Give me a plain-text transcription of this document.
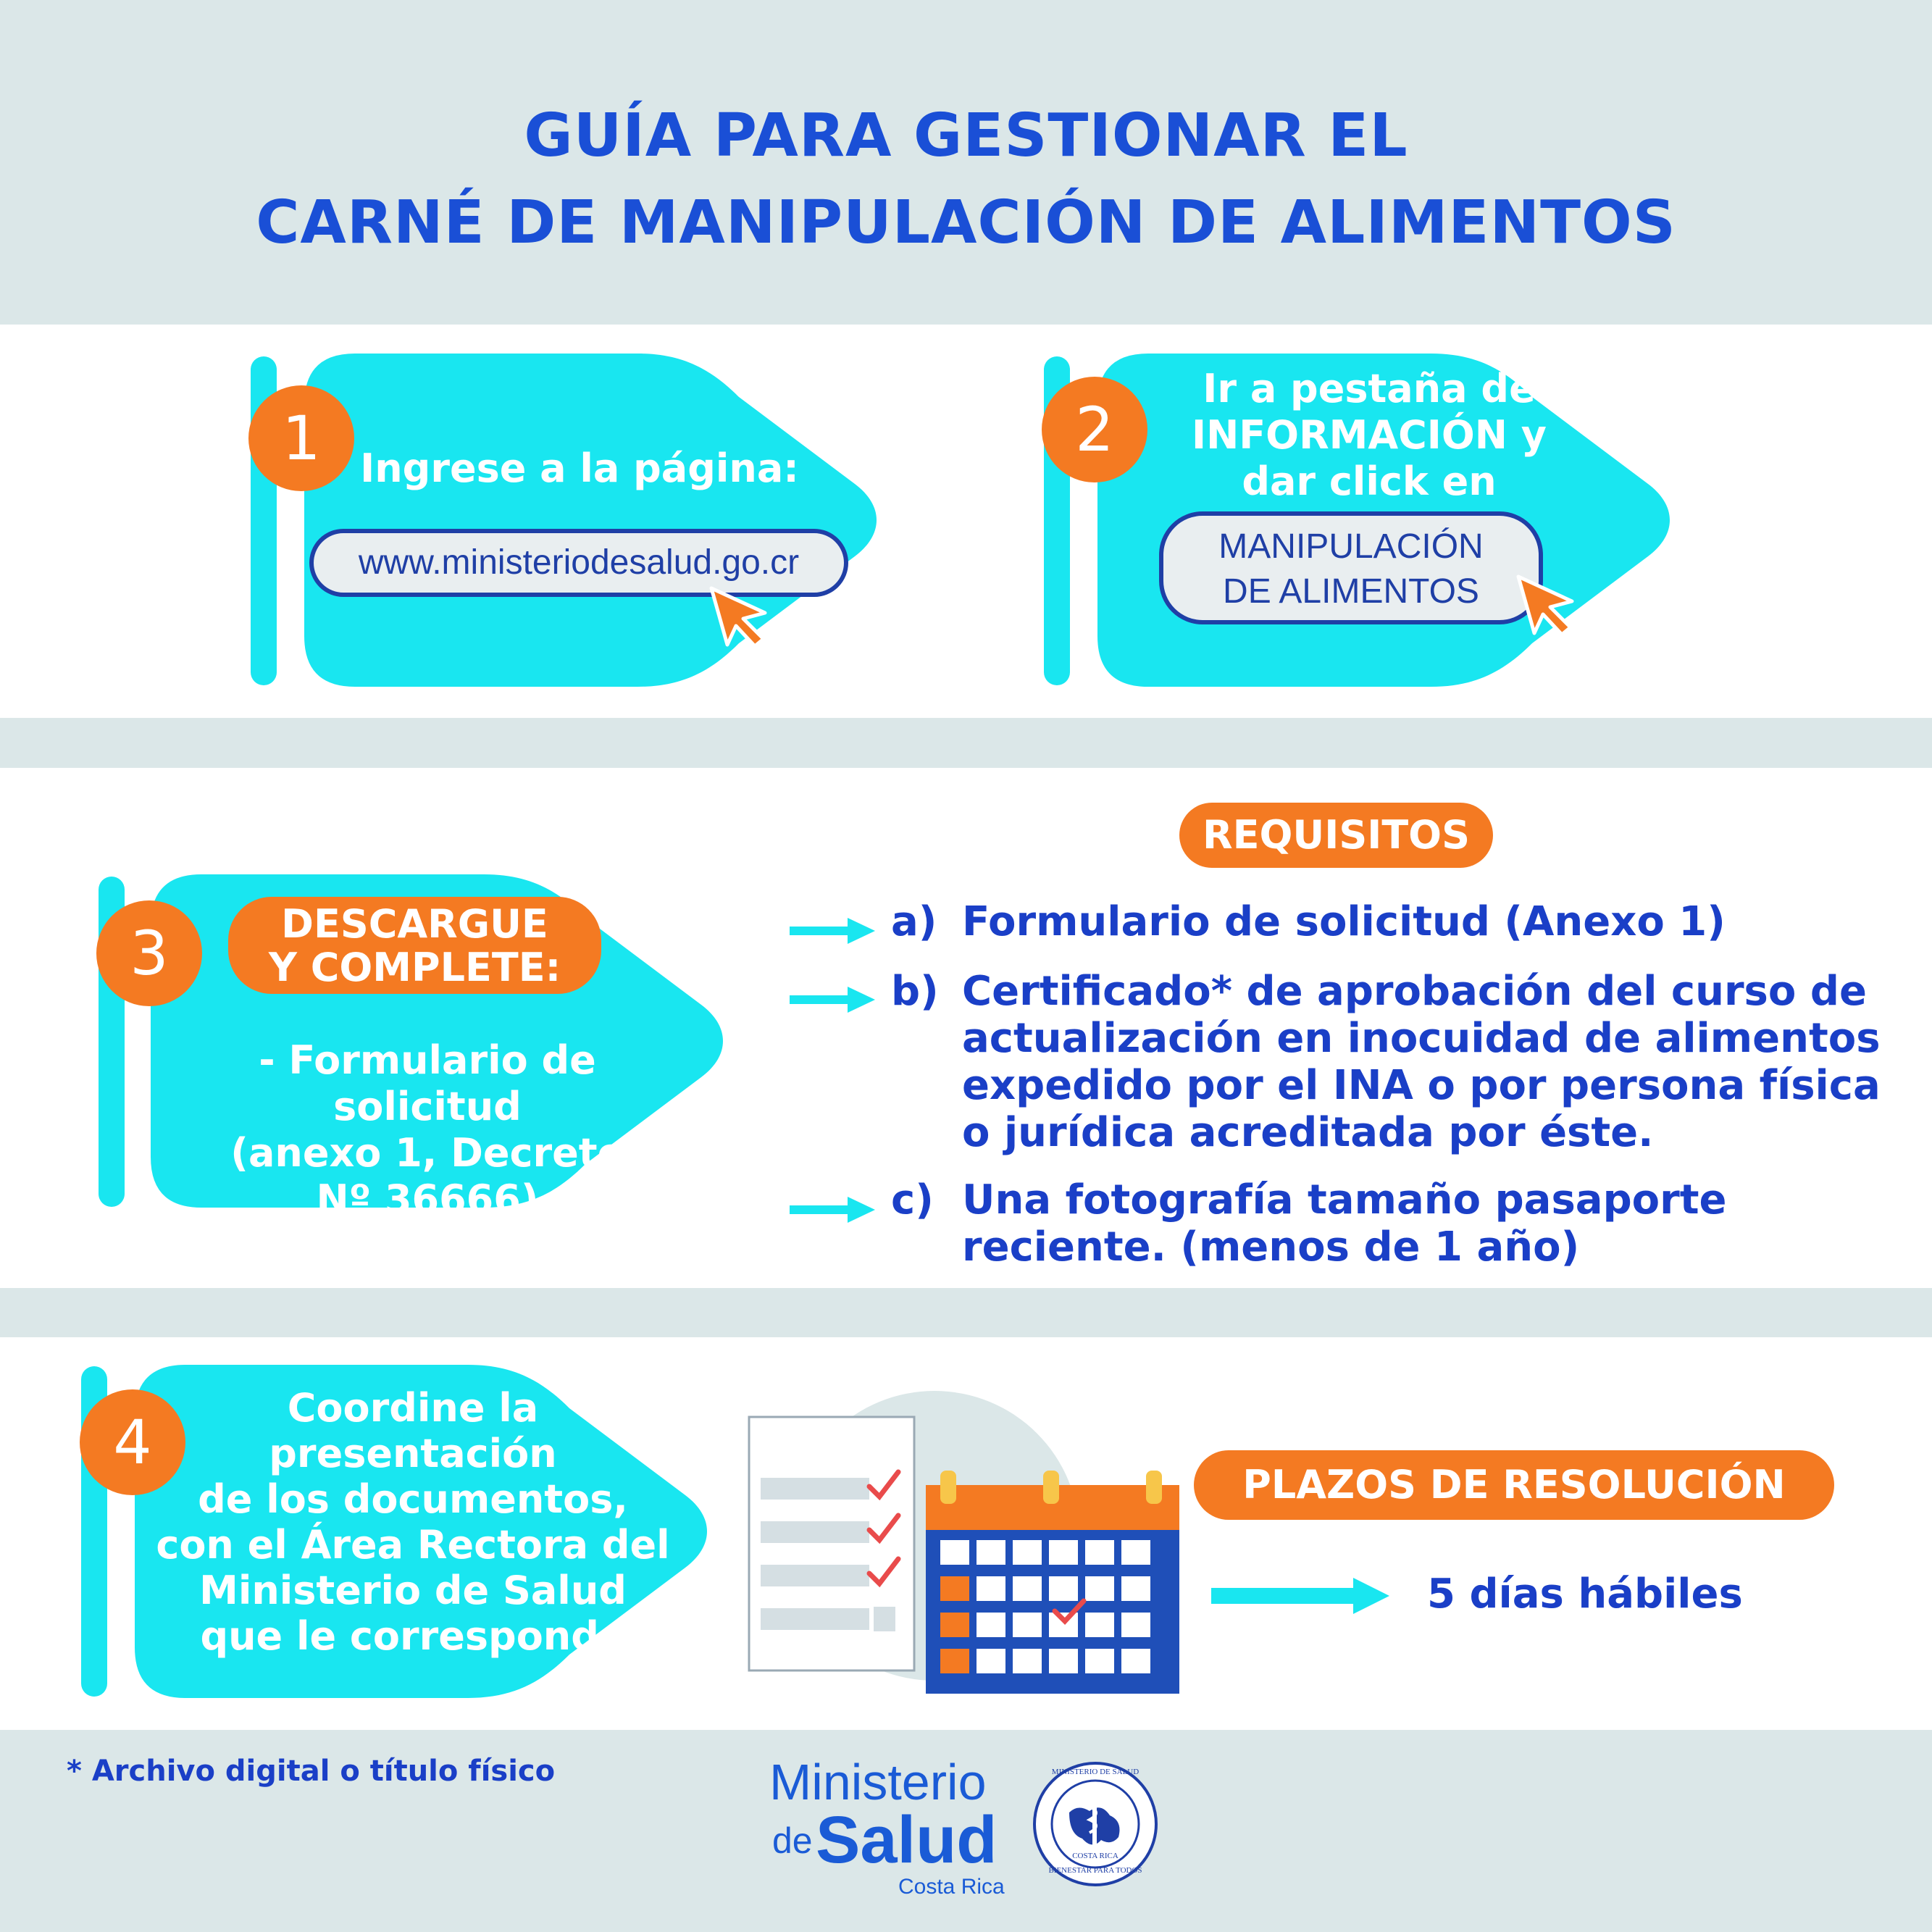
GUÍA PARA GESTIONAR EL
CARNÉ DE MANIPULACIÓN DE ALIMENTOS
1	Ingrese a la página:
www.ministeriodesalud.go.cr
2
Ir a pestaña de
INFORMACIÓN y
dar click en
MANIPULACIÓN
DE ALIMENTOS
3	DESCARGUE
Y COMPLETE:
- Formulario de solicitud
(anexo 1, Decreto
Nº 36666)
REQUISITOS
a) Formulario de solicitud (Anexo 1)
b) Certificado* de aprobación del curso de
actualización en inocuidad de alimentos
expedido por el INA o por persona física
o jurídica acreditada por éste.
c) Una fotografía tamaño pasaporte
reciente. (menos de 1 año)
4	Coordine la
presentación
de los documentos,
con el Área Rectora del
Ministerio de Salud
que le corresponde
PLAZOS DE RESOLUCIÓN
5 días hábiles
* Archivo digital o título físico	Ministerio
de Salud
Costa Rica
MINISTERIO DE SALUD
COSTA RICA
BIENESTAR PARA TODOS
